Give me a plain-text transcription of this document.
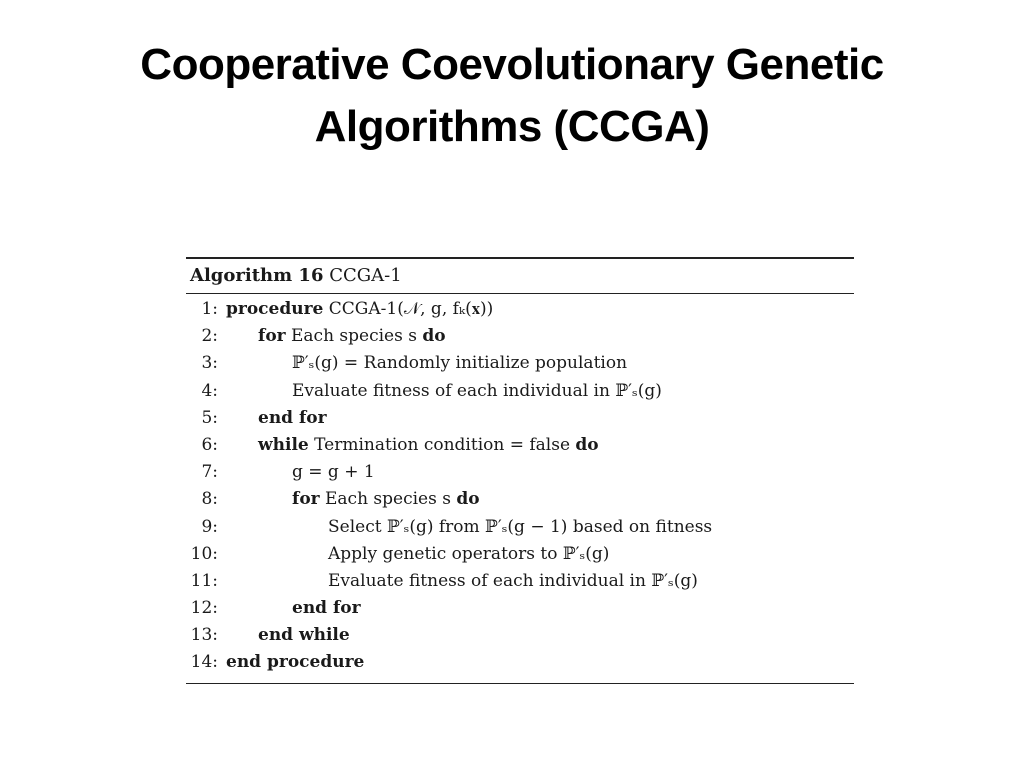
Cooperative Coevolutionary Genetic
Algorithms (CCGA)
Algorithm 16 CCGA-1
1: procedure CCGA-1(𝒩, g, fₖ(𝐱))
2: for Each species s do
3:	ℙ′ₛ(g) = Randomly initialize population
4:	Evaluate fitness of each individual in ℙ′ₛ(g)
5: end for
6: while Termination condition = false do
7:	g = g + 1
8:	for Each species s do
9:	Select ℙ′ₛ(g) from ℙ′ₛ(g − 1) based on fitness
10:	Apply genetic operators to ℙ′ₛ(g)
11:	Evaluate fitness of each individual in ℙ′ₛ(g)
12:	end for
13: end while
14: end procedure
